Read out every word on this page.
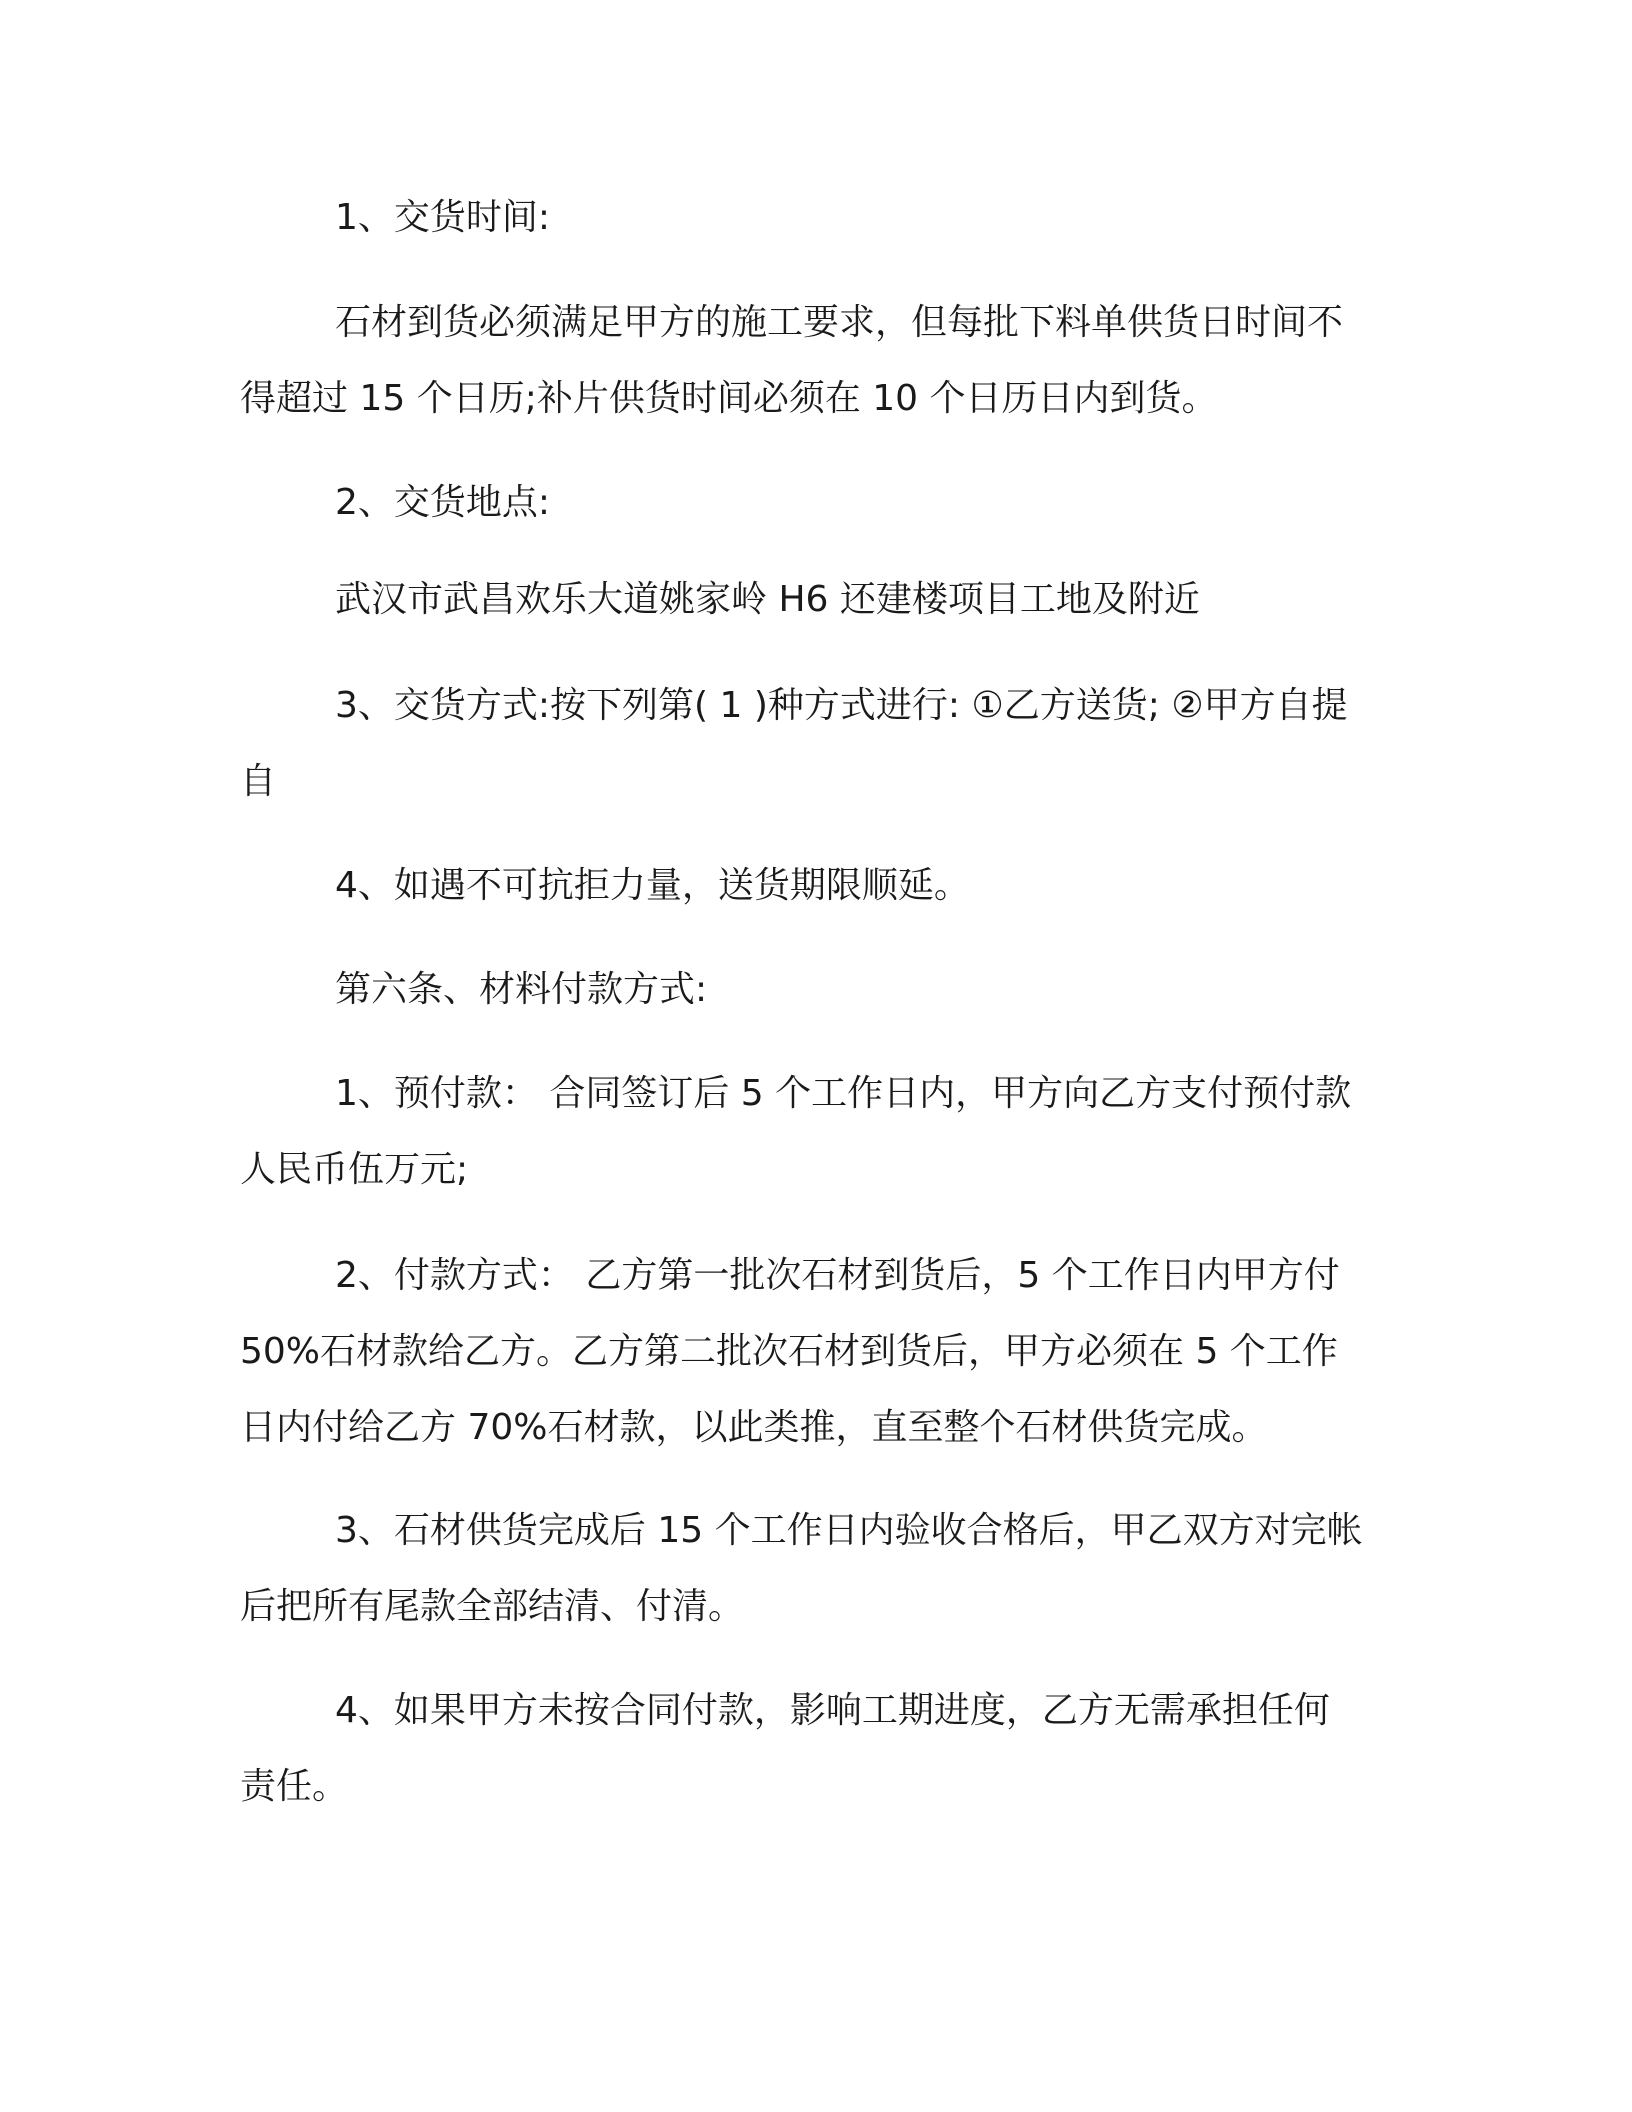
1、交货时间:
石材到货必须满足甲方的施工要求，但每批下料单供货日时间不
得超过 15 个日历;补片供货时间必须在 10 个日历日内到货。
2、交货地点:
武汉市武昌欢乐大道姚家岭 H6 还建楼项目工地及附近
3、交货方式:按下列第( 1 )种方式进行: ①乙方送货; ②甲方自提
自
4、如遇不可抗拒力量，送货期限顺延。
第六条、材料付款方式:
1、预付款： 合同签订后 5 个工作日内，甲方向乙方支付预付款
人民币伍万元;
2、付款方式： 乙方第一批次石材到货后，5 个工作日内甲方付
50%石材款给乙方。乙方第二批次石材到货后，甲方必须在 5 个工作
日内付给乙方 70%石材款，以此类推，直至整个石材供货完成。
3、石材供货完成后 15 个工作日内验收合格后，甲乙双方对完帐
后把所有尾款全部结清、付清。
4、如果甲方未按合同付款，影响工期进度，乙方无需承担任何
责任。
